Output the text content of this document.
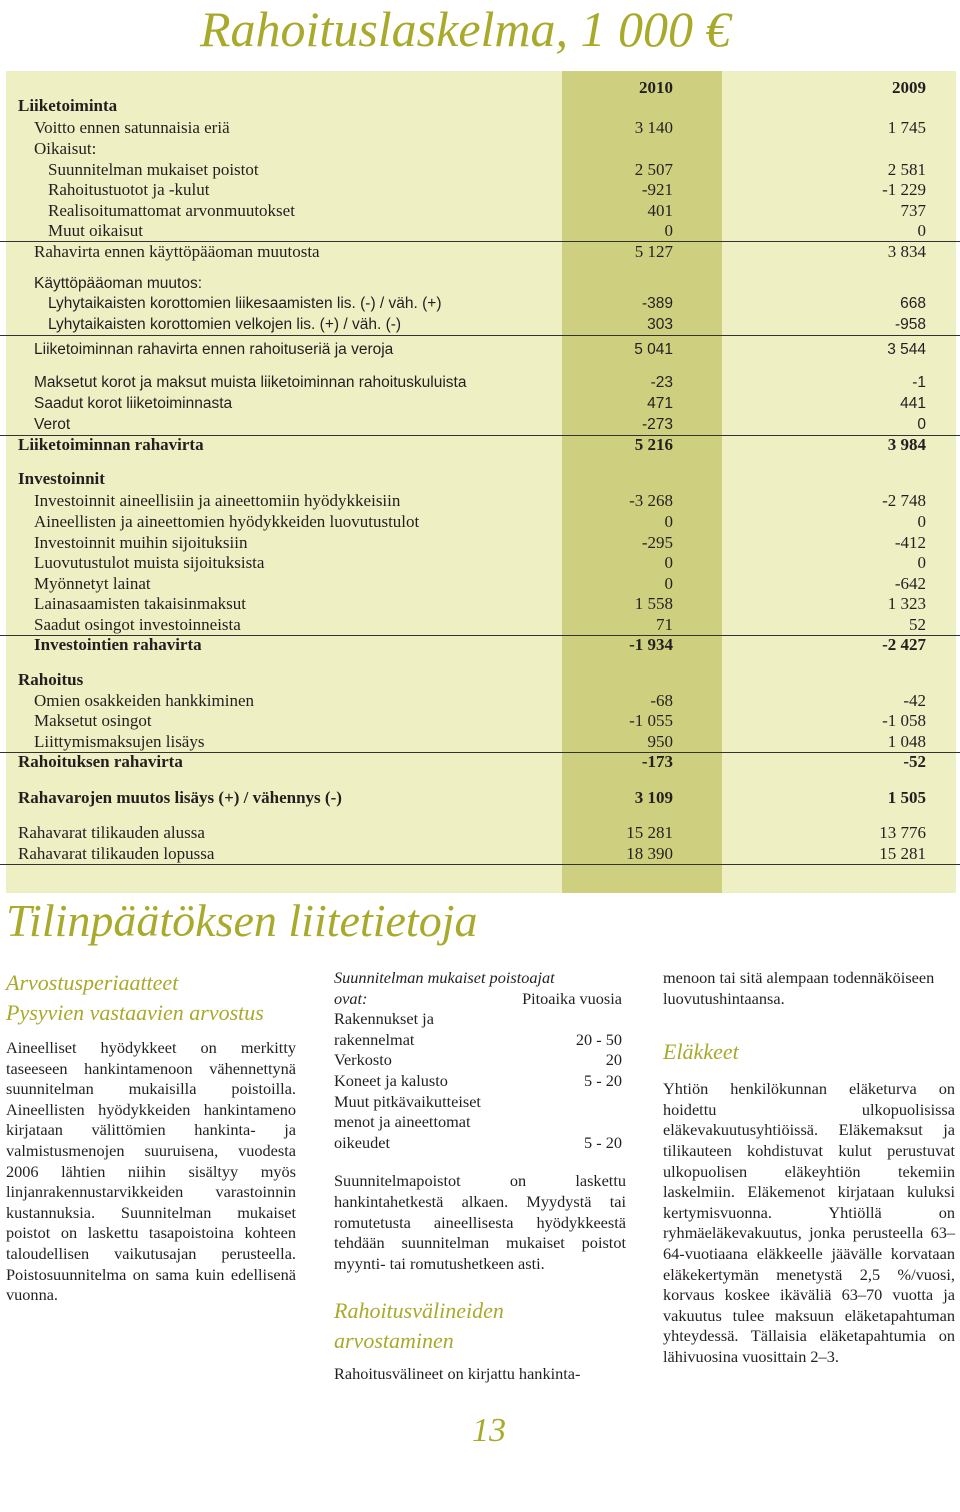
Rahoituslaskelma, 1 000 €
2010	2009
Liiketoiminta
Voitto ennen satunnaisia eriä	3 140	1 745
Oikaisut:
Suunnitelman mukaiset poistot	2 507	2 581
Rahoitustuotot ja -kulut	-921	-1 229
Realisoitumattomat arvonmuutokset	401	737
Muut oikaisut	0	0
Rahavirta ennen käyttöpääoman muutosta	5 127	3 834
Käyttöpääoman muutos:
Lyhytaikaisten korottomien liikesaamisten lis. (-) / väh. (+)	-389	668
Lyhytaikaisten korottomien velkojen lis. (+) / väh. (-)	303	-958
Liiketoiminnan rahavirta ennen rahoituseriä ja veroja	5 041	3 544
Maksetut korot ja maksut muista liiketoiminnan rahoituskuluista	-23	-1
Saadut korot liiketoiminnasta	471	441
Verot	-273	0
Liiketoiminnan rahavirta	5 216	3 984
Investoinnit
Investoinnit aineellisiin ja aineettomiin hyödykkeisiin	-3 268	-2 748
Aineellisten ja aineettomien hyödykkeiden luovutustulot	0	0
Investoinnit muihin sijoituksiin	-295	-412
Luovutustulot muista sijoituksista	0	0
Myönnetyt lainat	0	-642
Lainasaamisten takaisinmaksut	1 558	1 323
Saadut osingot investoinneista	71	52
Investointien rahavirta	-1 934	-2 427
Rahoitus
Omien osakkeiden hankkiminen	-68	-42
Maksetut osingot	-1 055	-1 058
Liittymismaksujen lisäys	950	1 048
Rahoituksen rahavirta	-173	-52
Rahavarojen muutos lisäys (+) / vähennys (-)	3 109	1 505
Rahavarat tilikauden alussa	15 281	13 776
Rahavarat tilikauden lopussa	18 390	15 281
Tilinpäätöksen liitetietoja
Arvostusperiaatteet
Pysyvien vastaavien arvostus
Aineelliset hyödykkeet on merkitty taseeseen hankintamenoon vähennettynä suunnitelman mukaisilla poistoilla. Aineellisten hyödykkeiden hankintameno kirjataan välittömien hankinta- ja valmistusmenojen suuruisena, vuodesta 2006 lähtien niihin sisältyy myös linjanrakennustarvikkeiden varastoinnin kustannuksia. Suunnitelman mukaiset poistot on laskettu tasapoistoina kohteen taloudellisen vaikutusajan perusteella. Poistosuunnitelma on sama kuin edellisenä vuonna.
Suunnitelman mukaiset poistoajat
ovat:	Pitoaika vuosia
Rakennukset ja
rakennelmat	20 - 50
Verkosto	20
Koneet ja kalusto	5 - 20
Muut pitkävaikutteiset
menot ja aineettomat
oikeudet	5 - 20
Suunnitelmapoistot on laskettu hankintahetkestä alkaen. Myydystä tai romutetusta aineellisesta hyödykkeestä tehdään suunnitelman mukaiset poistot myynti- tai romutushetkeen asti.
Rahoitusvälineiden arvostaminen
Rahoitusvälineet on kirjattu hankinta-
menoon tai sitä alempaan todennäköiseen luovutushintaansa.
Eläkkeet
Yhtiön henkilökunnan eläketurva on hoidettu ulkopuolisissa eläkevakuutusyhtiöissä. Eläkemaksut ja tilikauteen kohdistuvat kulut perustuvat ulkopuolisen eläkeyhtiön tekemiin laskelmiin. Eläkemenot kirjataan kuluksi kertymisvuonna. Yhtiöllä on ryhmäeläkevakuutus, jonka perusteella 63–64-vuotiaana eläkkeelle jäävälle korvataan eläkekertymän menetystä 2,5 %/vuosi, korvaus koskee ikäväliä 63–70 vuotta ja vakuutus tulee maksuun eläketapahtuman yhteydessä. Tällaisia eläketapahtumia on lähivuosina vuosittain 2–3.
13
